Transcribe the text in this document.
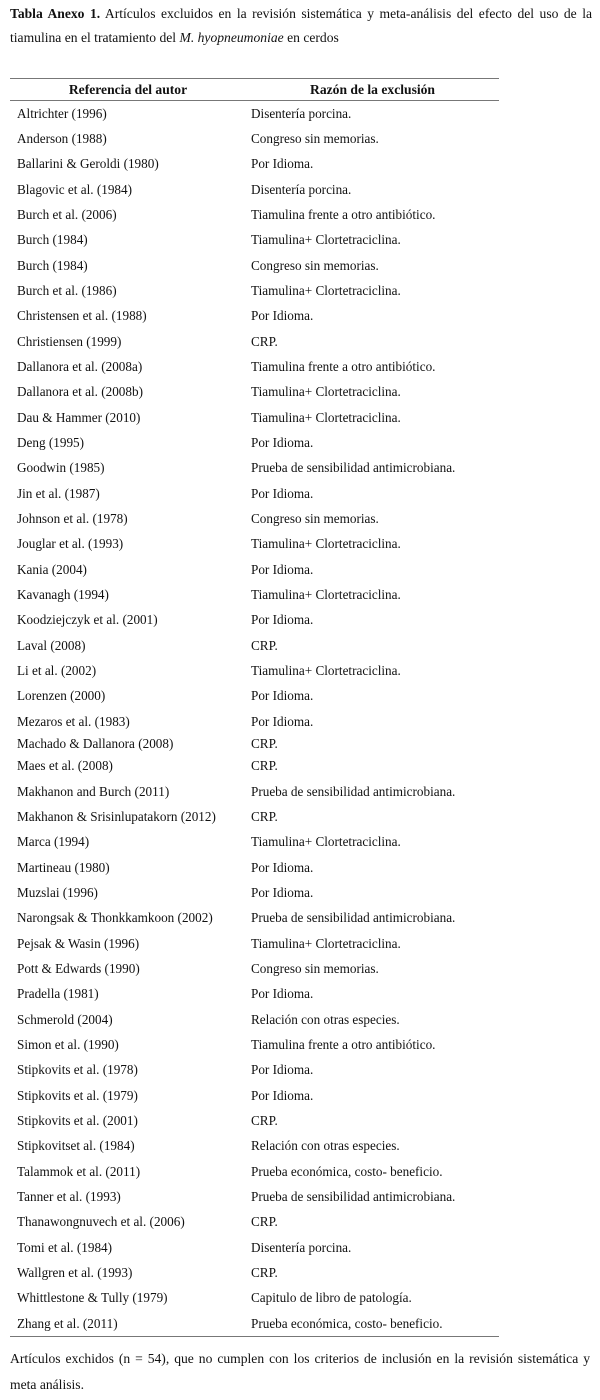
Tabla Anexo 1. Artículos excluidos en la revisión sistemática y meta-análisis del efecto del uso de la tiamulina en el tratamiento del M. hyopneumoniae en cerdos
Referencia del autor	Razón de la exclusión
Altrichter (1996)	Disentería porcina.
Anderson (1988)	Congreso sin memorias.
Ballarini & Geroldi (1980)	Por Idioma.
Blagovic et al. (1984)	Disentería porcina.
Burch et al. (2006)	Tiamulina frente a otro antibiótico.
Burch (1984)	Tiamulina+ Clortetraciclina.
Burch (1984)	Congreso sin memorias.
Burch et al. (1986)	Tiamulina+ Clortetraciclina.
Christensen et al. (1988)	Por Idioma.
Christiensen (1999)	CRP.
Dallanora et al. (2008a)	Tiamulina frente a otro antibiótico.
Dallanora et al. (2008b)	Tiamulina+ Clortetraciclina.
Dau & Hammer (2010)	Tiamulina+ Clortetraciclina.
Deng (1995)	Por Idioma.
Goodwin (1985)	Prueba de sensibilidad antimicrobiana.
Jin et al. (1987)	Por Idioma.
Johnson et al. (1978)	Congreso sin memorias.
Jouglar et al. (1993)	Tiamulina+ Clortetraciclina.
Kania (2004)	Por Idioma.
Kavanagh (1994)	Tiamulina+ Clortetraciclina.
Koodziejczyk et al. (2001)	Por Idioma.
Laval (2008)	CRP.
Li et al. (2002)	Tiamulina+ Clortetraciclina.
Lorenzen (2000)	Por Idioma.
Mezaros et al. (1983)	Por Idioma.
Machado & Dallanora (2008)	CRP.
Maes et al. (2008)	CRP.
Makhanon and Burch (2011)	Prueba de sensibilidad antimicrobiana.
Makhanon & Srisinlupatakorn (2012)	CRP.
Marca (1994)	Tiamulina+ Clortetraciclina.
Martineau (1980)	Por Idioma.
Muzslai (1996)	Por Idioma.
Narongsak & Thonkkamkoon (2002)	Prueba de sensibilidad antimicrobiana.
Pejsak & Wasin (1996)	Tiamulina+ Clortetraciclina.
Pott & Edwards (1990)	Congreso sin memorias.
Pradella (1981)	Por Idioma.
Schmerold (2004)	Relación con otras especies.
Simon et al. (1990)	Tiamulina frente a otro antibiótico.
Stipkovits et al. (1978)	Por Idioma.
Stipkovits et al. (1979)	Por Idioma.
Stipkovits et al. (2001)	CRP.
Stipkovitset al. (1984)	Relación con otras especies.
Talammok et al. (2011)	Prueba económica, costo- beneficio.
Tanner et al. (1993)	Prueba de sensibilidad antimicrobiana.
Thanawongnuvech et al. (2006)	CRP.
Tomi et al. (1984)	Disentería porcina.
Wallgren et al. (1993)	CRP.
Whittlestone & Tully (1979)	Capitulo de libro de patología.
Zhang et al. (2011)	Prueba económica, costo- beneficio.
Artículos exchidos (n = 54), que no cumplen con los criterios de inclusión en la revisión sistemática y meta análisis.
